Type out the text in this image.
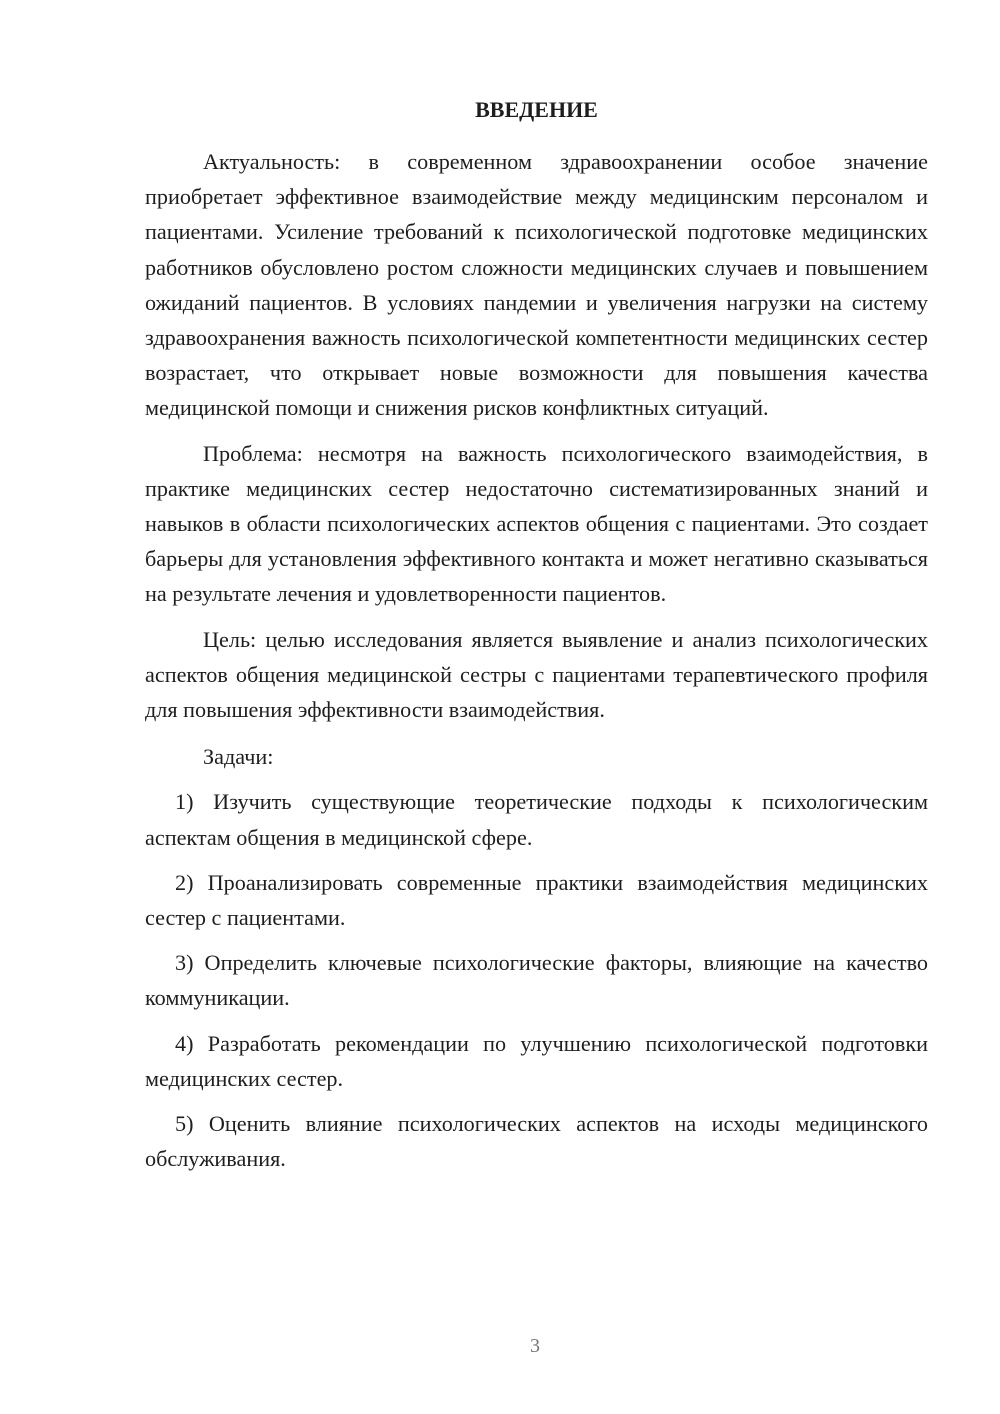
ВВЕДЕНИЕ

Актуальность: в современном здравоохранении особое значение приобретает эффективное взаимодействие между медицинским персоналом и пациентами. Усиление требований к психологической подготовке медицинских работников обусловлено ростом сложности медицинских случаев и повышением ожиданий пациентов. В условиях пандемии и увеличения нагрузки на систему здравоохранения важность психологической компетентности медицинских сестер возрастает, что открывает новые возможности для повышения качества медицинской помощи и снижения рисков конфликтных ситуаций.

Проблема: несмотря на важность психологического взаимодействия, в практике медицинских сестер недостаточно систематизированных знаний и навыков в области психологических аспектов общения с пациентами. Это создает барьеры для установления эффективного контакта и может негативно сказываться на результате лечения и удовлетворенности пациентов.

Цель: целью исследования является выявление и анализ психологических аспектов общения медицинской сестры с пациентами терапевтического профиля для повышения эффективности взаимодействия.

Задачи:

1) Изучить существующие теоретические подходы к психологическим аспектам общения в медицинской сфере.

2) Проанализировать современные практики взаимодействия медицинских сестер с пациентами.

3) Определить ключевые психологические факторы, влияющие на качество коммуникации.

4) Разработать рекомендации по улучшению психологической подготовки медицинских сестер.

5) Оценить влияние психологических аспектов на исходы медицинского обслуживания.

3
